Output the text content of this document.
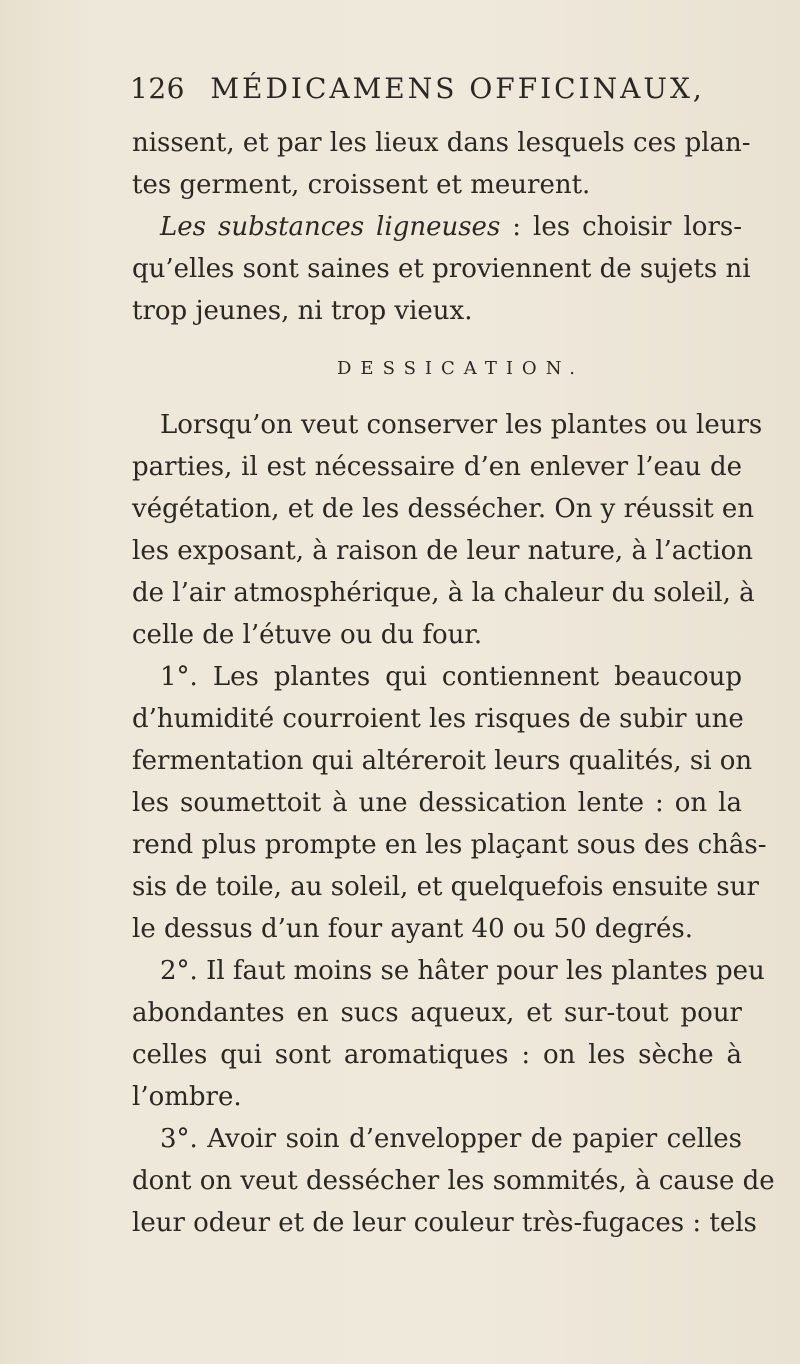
126 MÉDICAMENS OFFICINAUX,
nissent, et par les lieux dans lesquels ces plan-
tes germent, croissent et meurent.
Les substances ligneuses : les choisir lors-
qu’elles sont saines et proviennent de sujets ni
trop jeunes, ni trop vieux.
DESSICATION.
Lorsqu’on veut conserver les plantes ou leurs
parties, il est nécessaire d’en enlever l’eau de
végétation, et de les dessécher. On y réussit en
les exposant, à raison de leur nature, à l’action
de l’air atmosphérique, à la chaleur du soleil, à
celle de l’étuve ou du four.
1°. Les plantes qui contiennent beaucoup
d’humidité courroient les risques de subir une
fermentation qui altéreroit leurs qualités, si on
les soumettoit à une dessication lente : on la
rend plus prompte en les plaçant sous des châs-
sis de toile, au soleil, et quelquefois ensuite sur
le dessus d’un four ayant 40 ou 50 degrés.
2°. Il faut moins se hâter pour les plantes peu
abondantes en sucs aqueux, et sur-tout pour
celles qui sont aromatiques : on les sèche à
l’ombre.
3°. Avoir soin d’envelopper de papier celles
dont on veut dessécher les sommités, à cause de
leur odeur et de leur couleur très-fugaces : tels
